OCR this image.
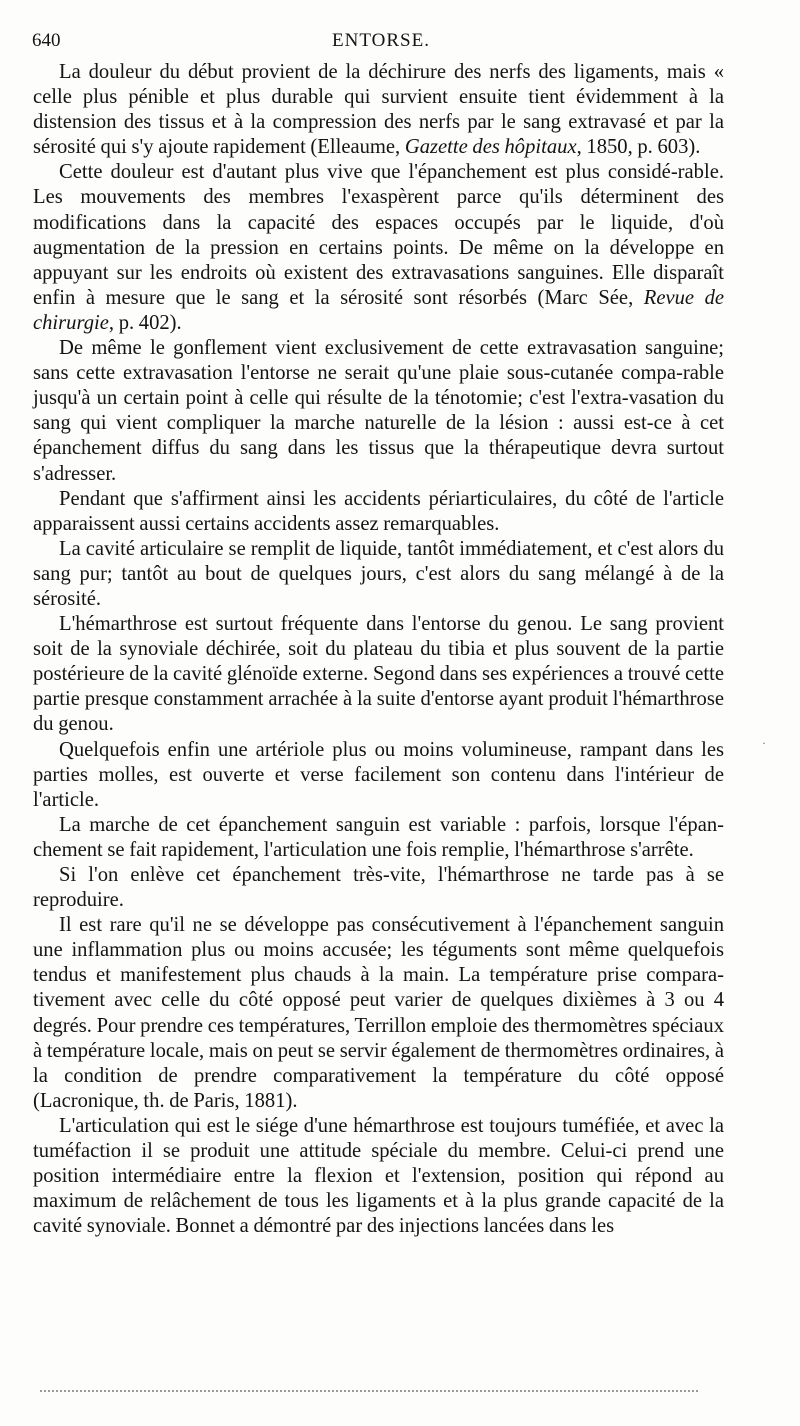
640	ENTORSE.

La douleur du début provient de la déchirure des nerfs des ligaments, mais « celle plus pénible et plus durable qui survient ensuite tient évidemment à la distension des tissus et à la compression des nerfs par le sang extravasé et par la sérosité qui s'y ajoute rapidement (Elleaume, Gazette des hôpitaux, 1850, p. 603).

Cette douleur est d'autant plus vive que l'épanchement est plus considé-rable. Les mouvements des membres l'exaspèrent parce qu'ils déterminent des modifications dans la capacité des espaces occupés par le liquide, d'où augmentation de la pression en certains points. De même on la développe en appuyant sur les endroits où existent des extravasations sanguines. Elle disparaît enfin à mesure que le sang et la sérosité sont résorbés (Marc Sée, Revue de chirurgie, p. 402).

De même le gonflement vient exclusivement de cette extravasation sanguine; sans cette extravasation l'entorse ne serait qu'une plaie sous-cutanée compa-rable jusqu'à un certain point à celle qui résulte de la ténotomie; c'est l'extra-vasation du sang qui vient compliquer la marche naturelle de la lésion : aussi est-ce à cet épanchement diffus du sang dans les tissus que la thérapeutique devra surtout s'adresser.

Pendant que s'affirment ainsi les accidents périarticulaires, du côté de l'article apparaissent aussi certains accidents assez remarquables.

La cavité articulaire se remplit de liquide, tantôt immédiatement, et c'est alors du sang pur; tantôt au bout de quelques jours, c'est alors du sang mélangé à de la sérosité.

L'hémarthrose est surtout fréquente dans l'entorse du genou. Le sang provient soit de la synoviale déchirée, soit du plateau du tibia et plus souvent de la partie postérieure de la cavité glénoïde externe. Segond dans ses expériences a trouvé cette partie presque constamment arrachée à la suite d'entorse ayant produit l'hémarthrose du genou.

Quelquefois enfin une artériole plus ou moins volumineuse, rampant dans les parties molles, est ouverte et verse facilement son contenu dans l'intérieur de l'article.

La marche de cet épanchement sanguin est variable : parfois, lorsque l'épan-chement se fait rapidement, l'articulation une fois remplie, l'hémarthrose s'arrête.

Si l'on enlève cet épanchement très-vite, l'hémarthrose ne tarde pas à se reproduire.

Il est rare qu'il ne se développe pas consécutivement à l'épanchement sanguin une inflammation plus ou moins accusée; les téguments sont même quelquefois tendus et manifestement plus chauds à la main. La température prise compara-tivement avec celle du côté opposé peut varier de quelques dixièmes à 3 ou 4 degrés. Pour prendre ces températures, Terrillon emploie des thermomètres spéciaux à température locale, mais on peut se servir également de thermomètres ordinaires, à la condition de prendre comparativement la température du côté opposé (Lacronique, th. de Paris, 1881).

L'articulation qui est le siége d'une hémarthrose est toujours tuméfiée, et avec la tuméfaction il se produit une attitude spéciale du membre. Celui-ci prend une position intermédiaire entre la flexion et l'extension, position qui répond au maximum de relâchement de tous les ligaments et à la plus grande capacité de la cavité synoviale. Bonnet a démontré par des injections lancées dans les

·
